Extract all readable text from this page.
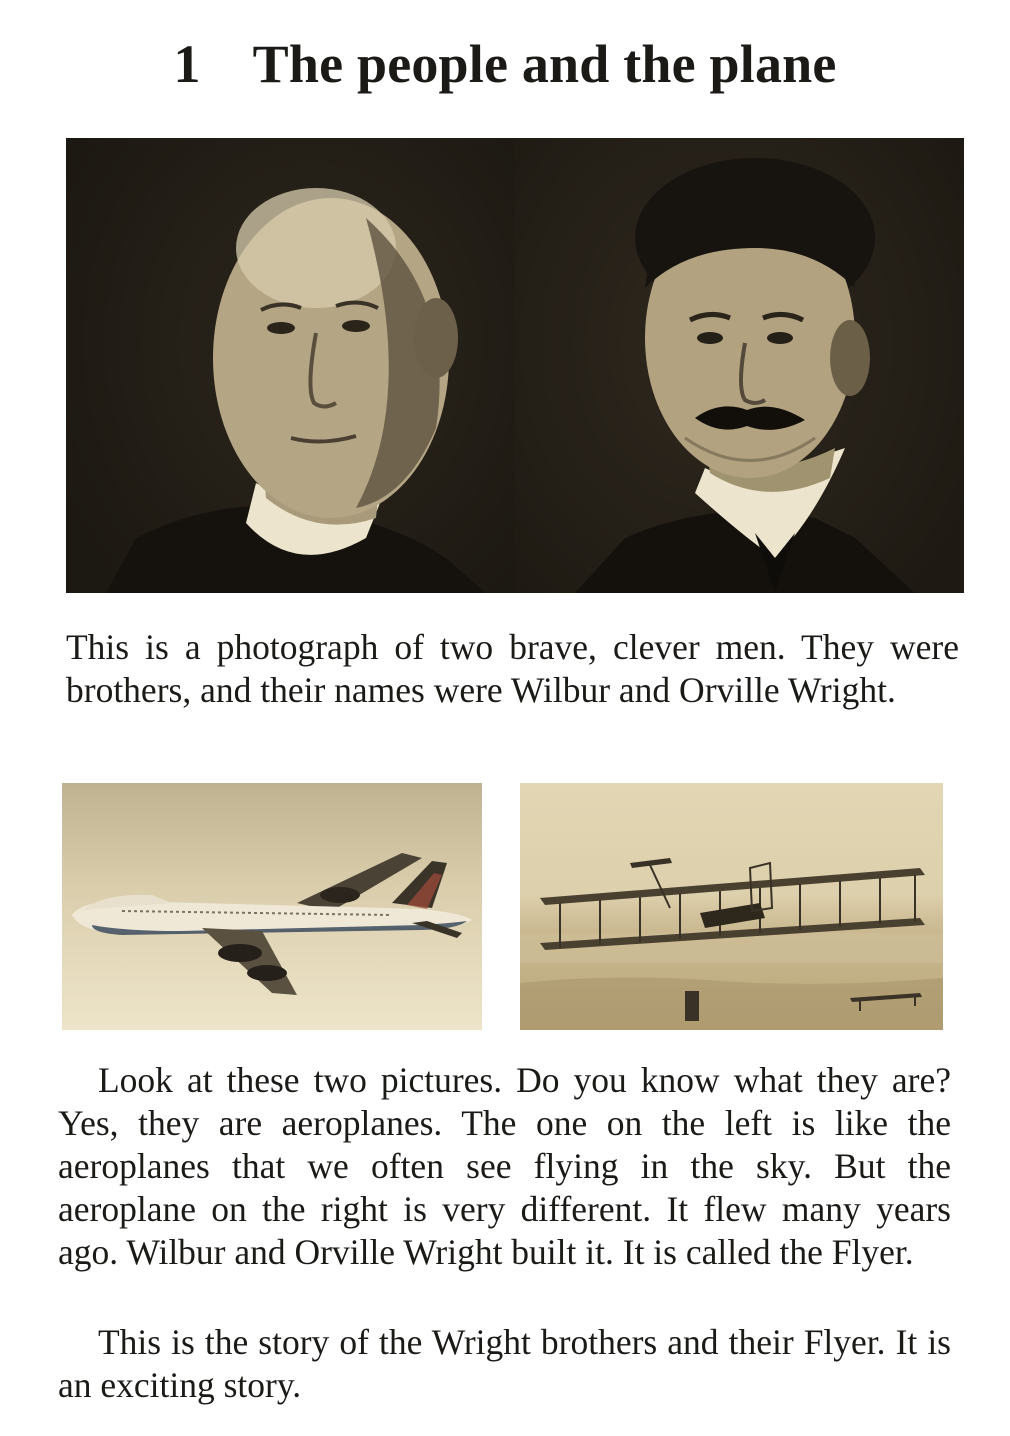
1 The people and the plane

This is a photograph of two brave, clever men. They were brothers, and their names were Wilbur and Orville Wright.

Look at these two pictures. Do you know what they are? Yes, they are aeroplanes. The one on the left is like the aeroplanes that we often see flying in the sky. But the aeroplane on the right is very different. It flew many years ago. Wilbur and Orville Wright built it. It is called the Flyer.

This is the story of the Wright brothers and their Flyer. It is an exciting story.
